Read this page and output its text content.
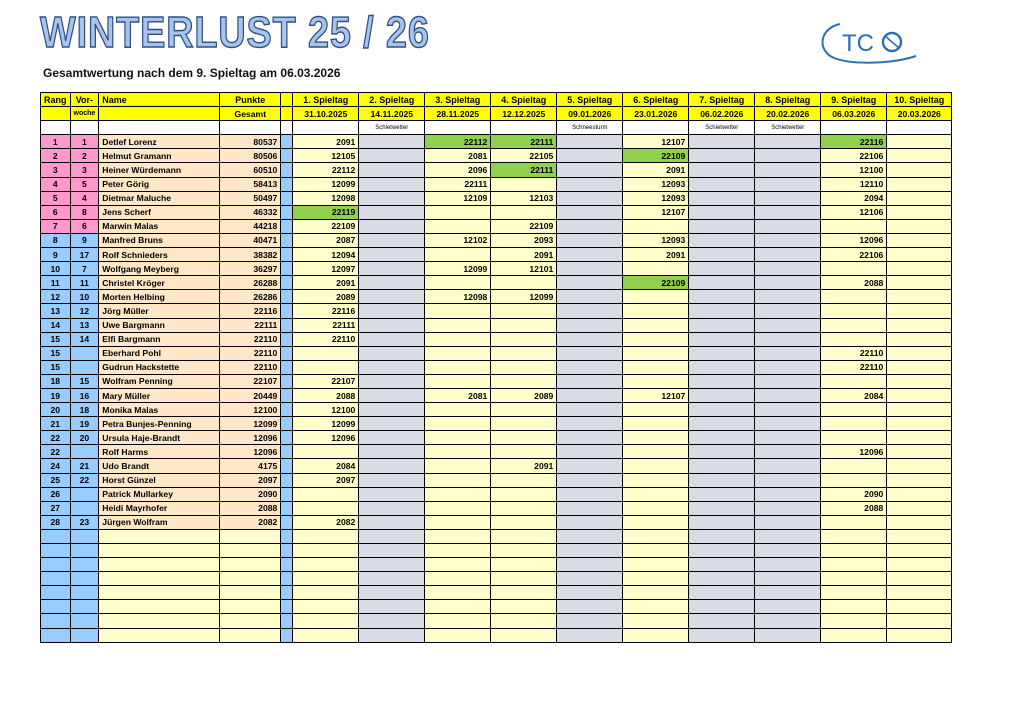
WINTERLUST 25 / 26
Gesamtwertung nach dem 9. Spieltag am 06.03.2026
TC
Rang	Vor-	Name	Punkte		1. Spieltag	2. Spieltag	3. Spieltag	4. Spieltag	5. Spieltag	6. Spieltag	7. Spieltag	8. Spieltag	9. Spieltag	10. Spieltag
	woche		Gesamt		31.10.2025	14.11.2025	28.11.2025	12.12.2025	09.01.2026	23.01.2026	06.02.2026	20.02.2026	06.03.2026	20.03.2026
						Schietwetter			Schneesturm		Schietwetter	Schietwetter		
1	1	Detlef Lorenz	80537		2091		22112	22111		12107			22116	
2	2	Helmut Gramann	80506		12105		2081	22105		22109			22106	
3	3	Heiner Würdemann	60510		22112		2096	22111		2091			12100	
4	5	Peter Görig	58413		12099		22111			12093			12110	
5	4	Dietmar Maluche	50497		12098		12109	12103		12093			2094	
6	8	Jens Scherf	46332		22119					12107			12106	
7	6	Marwin Malas	44218		22109			22109						
8	9	Manfred Bruns	40471		2087		12102	2093		12093			12096	
9	17	Rolf Schnieders	38382		12094			2091		2091			22106	
10	7	Wolfgang Meyberg	36297		12097		12099	12101						
11	11	Christel Kröger	26288		2091					22109			2088	
12	10	Morten Helbing	26286		2089		12098	12099						
13	12	Jörg Müller	22116		22116									
14	13	Uwe Bargmann	22111		22111									
15	14	Elfi Bargmann	22110		22110									
15		Eberhard Pohl	22110										22110	
15		Gudrun Hackstette	22110										22110	
18	15	Wolfram Penning	22107		22107									
19	16	Mary Müller	20449		2088		2081	2089		12107			2084	
20	18	Monika Malas	12100		12100									
21	19	Petra Bunjes-Penning	12099		12099									
22	20	Ursula Haje-Brandt	12096		12096									
22		Rolf Harms	12096										12096	
24	21	Udo Brandt	4175		2084			2091						
25	22	Horst Günzel	2097		2097									
26		Patrick Mullarkey	2090										2090	
27		Heidi Mayrhofer	2088										2088	
28	23	Jürgen Wolfram	2082		2082									
